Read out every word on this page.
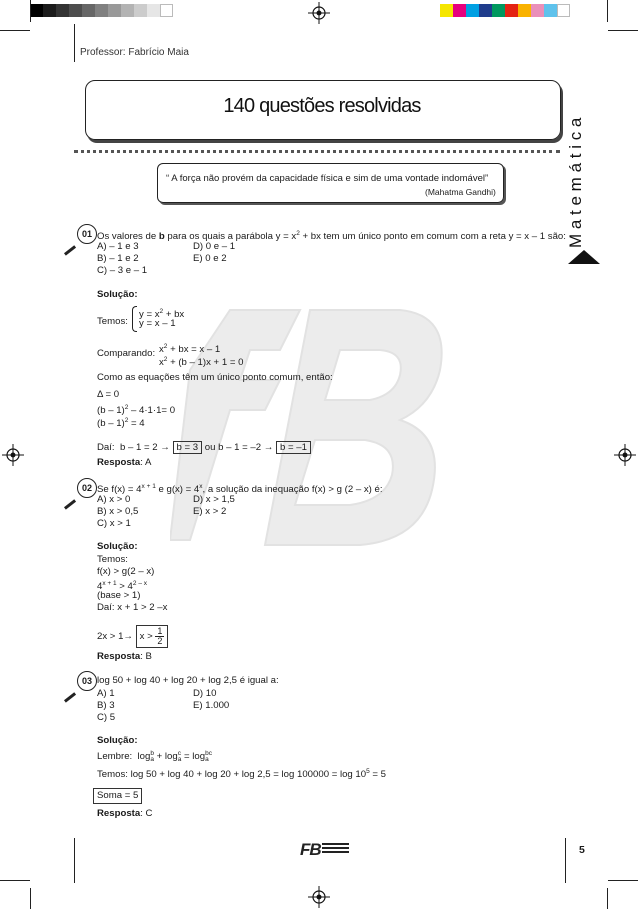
Professor: Fabrício Maia
140 questões resolvidas
M a t e m á t i c a
“ A força não provém da capacidade física e sim de uma vontade indomável”
(Mahatma Gandhi)
01 Os valores de b para os quais a parábola $y = x^2$ + bx tem um único ponto em comum com a reta y = x – 1 são:
A) – 1 e 3
B) – 1 e 2
C) – 3 e – 1
D) 0 e – 1
E) 0 e 2
Solução:
Temos:
$y = x^2$ + bx
y = x – 1
Comparando: $x^2$ + bx = x – 1
$x^2 + (b - 1)x + 1 = 0$
Como as equações têm um único ponto comum, então:
Δ = 0
(b – 1)$^2$ – 4·1·1= 0
(b – 1)$^2$ = 4
Daí: b – 1 = 2 → b = 3 ou b – 1 = –2 → b = –1
Resposta: A
02 Se $f(x) = 4^{x + 1}$ e $g(x) = 4^x$, a solução da inequação f(x) > g (2 – x) é:
A) x > 0
B) x > 0,5
C) x > 1
D) x > 1,5
E) x > 2
Solução:
Temos:
f(x) > g(2 – x)
$4^{x + 1} > 4^{2 - x}$
(base > 1)
Daí: x + 1 > 2 –x
$2x > 1\to x > \frac{1}{2}$
Resposta: B
03 log 50 + log 40 + log 20 + log 2,5 é igual a:
A) 1
B) 3
C) 5
D) 10
E) 1.000
Solução:
Lembre: log b
a + log c
a = log bc
a
Temos: $\log 50 + \log 40 + \log 20 + \log 2,5 = \log 100000 = \log 10^5 = 5$
Soma = 5
Resposta: C
FB	5
